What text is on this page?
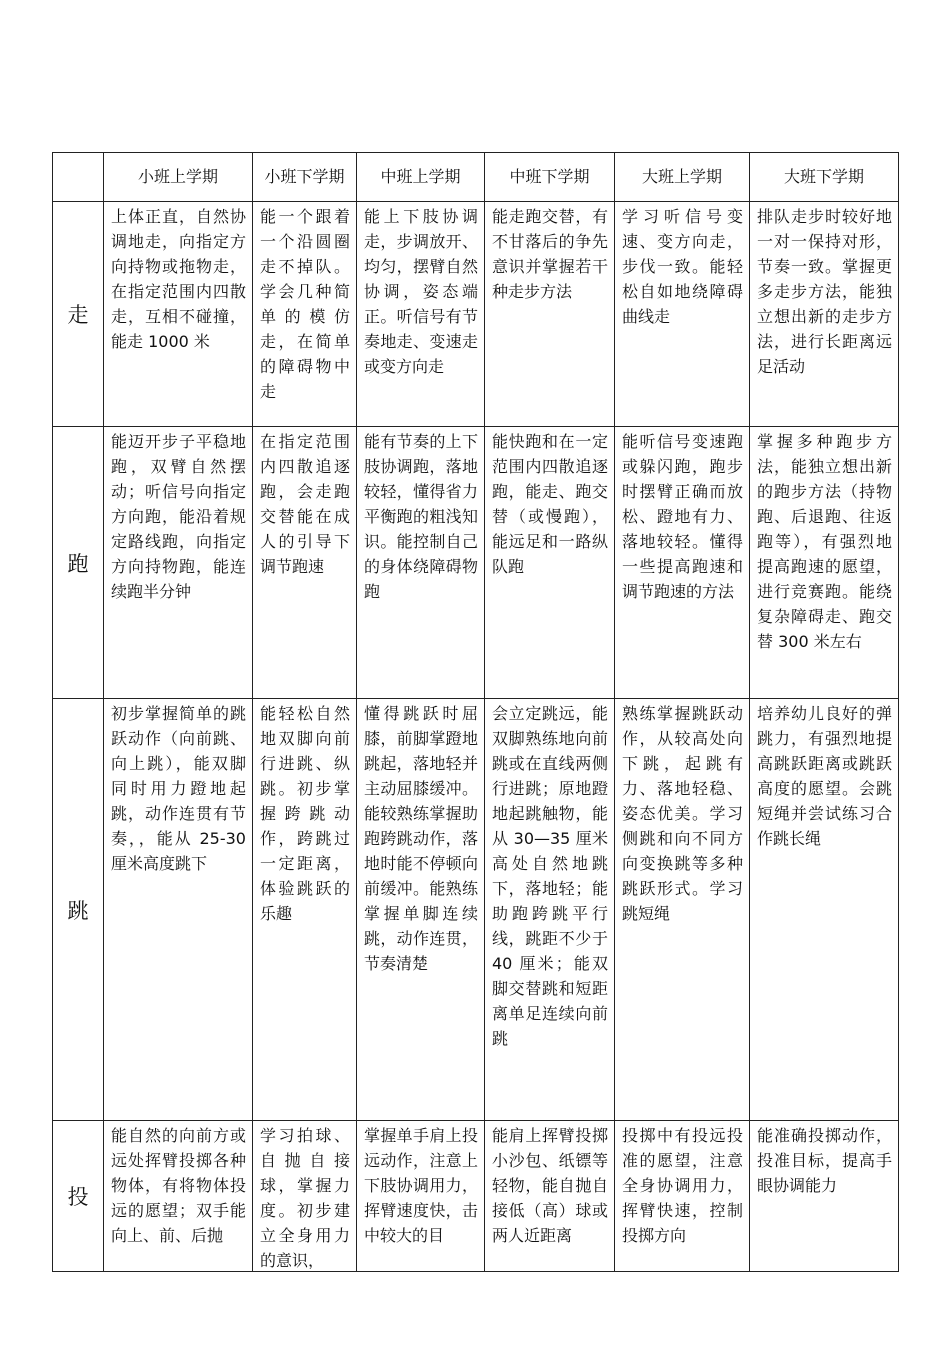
	小班上学期	小班下学期	中班上学期	中班下学期	大班上学期	大班下学期
走	上体正直，自然协调地走，向指定方向持物或拖物走，在指定范围内四散走，互相不碰撞，能走 1000 米	能一个跟着一个沿圆圈走不掉队。学会几种简单的模仿走，在简单的障碍物中走	能上下肢协调走，步调放开、均匀，摆臂自然协调，姿态端正。听信号有节奏地走、变速走或变方向走	能走跑交替，有不甘落后的争先意识并掌握若干种走步方法	学习听信号变速、变方向走，步伐一致。能轻松自如地绕障碍曲线走	排队走步时较好地一对一保持对形，节奏一致。掌握更多走步方法，能独立想出新的走步方法，进行长距离远足活动
跑	能迈开步子平稳地跑，双臂自然摆动；听信号向指定方向跑，能沿着规定路线跑，向指定方向持物跑，能连续跑半分钟	在指定范围内四散追逐跑，会走跑交替能在成人的引导下调节跑速	能有节奏的上下肢协调跑，落地较轻，懂得省力平衡跑的粗浅知识。能控制自己的身体绕障碍物跑	能快跑和在一定范围内四散追逐跑，能走、跑交替（或慢跑），能远足和一路纵队跑	能听信号变速跑或躲闪跑，跑步时摆臂正确而放松、蹬地有力、落地较轻。懂得一些提高跑速和调节跑速的方法	掌握多种跑步方法，能独立想出新的跑步方法（持物跑、后退跑、往返跑等），有强烈地提高跑速的愿望，进行竞赛跑。能绕复杂障碍走、跑交替 300 米左右
跳	初步掌握简单的跳跃动作（向前跳、向上跳），能双脚同时用力蹬地起跳，动作连贯有节奏，，能从 25-30 厘米高度跳下	能轻松自然地双脚向前行进跳、纵跳。初步掌握跨跳动作，跨跳过一定距离，体验跳跃的乐趣	懂得跳跃时屈膝，前脚掌蹬地跳起，落地轻并主动屈膝缓冲。能较熟练掌握助跑跨跳动作，落地时能不停顿向前缓冲。能熟练掌握单脚连续跳，动作连贯，节奏清楚	会立定跳远，能双脚熟练地向前跳或在直线两侧行进跳；原地蹬地起跳触物，能从 30—35 厘米高处自然地跳下，落地轻；能助跑跨跳平行线，跳距不少于 40 厘米；能双脚交替跳和短距离单足连续向前跳	熟练掌握跳跃动作，从较高处向下跳，起跳有力、落地轻稳、姿态优美。学习侧跳和向不同方向变换跳等多种跳跃形式。学习跳短绳	培养幼儿良好的弹跳力，有强烈地提高跳跃距离或跳跃高度的愿望。会跳短绳并尝试练习合作跳长绳
投	能自然的向前方或远处挥臂投掷各种物体，有将物体投远的愿望；双手能向上、前、后抛	学习拍球、自抛自接球，掌握力度。初步建立全身用力的意识，	掌握单手肩上投远动作，注意上下肢协调用力，挥臂速度快，击中较大的目	能肩上挥臂投掷小沙包、纸镖等轻物，能自抛自接低（高）球或两人近距离	投掷中有投远投准的愿望，注意全身协调用力，挥臂快速，控制投掷方向	能准确投掷动作，投准目标，提高手眼协调能力
